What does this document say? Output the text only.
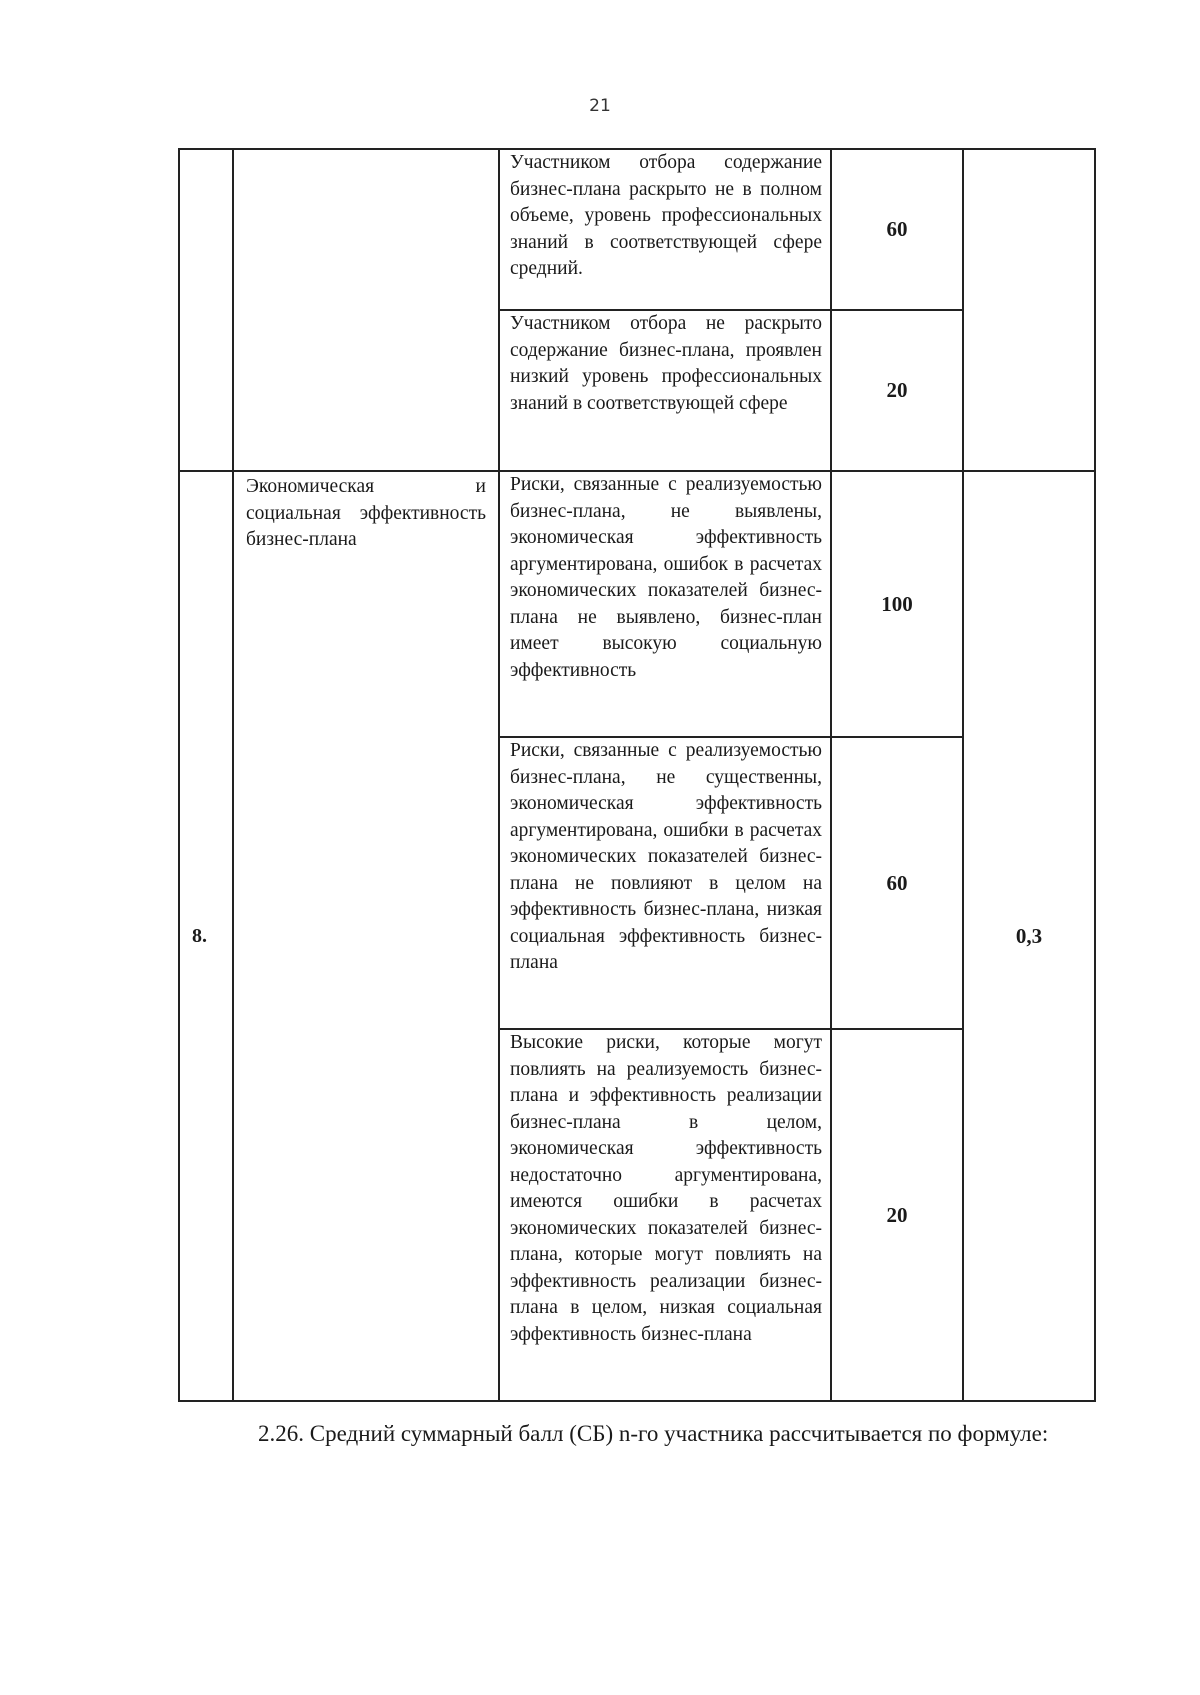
21
		Участником отбора содержание бизнес-плана раскрыто не в полном объеме, уровень профессиональных знаний в соответствующей сфере средний.	60	
		Участником отбора не раскрыто содержание бизнес-плана, проявлен низкий уровень профессиональных знаний в соответствующей сфере	20	
8.	Экономическая и социальная эффективность бизнес-плана	Риски, связанные с реализуемостью бизнес-плана, не выявлены, экономическая эффективность аргументирована, ошибок в расчетах экономических показателей бизнес-плана не выявлено, бизнес-план имеет высокую социальную эффективность	100	0,3
		Риски, связанные с реализуемостью бизнес-плана, не существенны, экономическая эффективность аргументирована, ошибки в расчетах экономических показателей бизнес-плана не повлияют в целом на эффективность бизнес-плана, низкая социальная эффективность бизнес-плана	60	
		Высокие риски, которые могут повлиять на реализуемость бизнес-плана и эффективность реализации бизнес-плана в целом, экономическая эффективность недостаточно аргументирована, имеются ошибки в расчетах экономических показателей бизнес-плана, которые могут повлиять на эффективность реализации бизнес-плана в целом, низкая социальная эффективность бизнес-плана	20	

2.26. Средний суммарный балл (СБ) n-го участника рассчитывается по формуле:
